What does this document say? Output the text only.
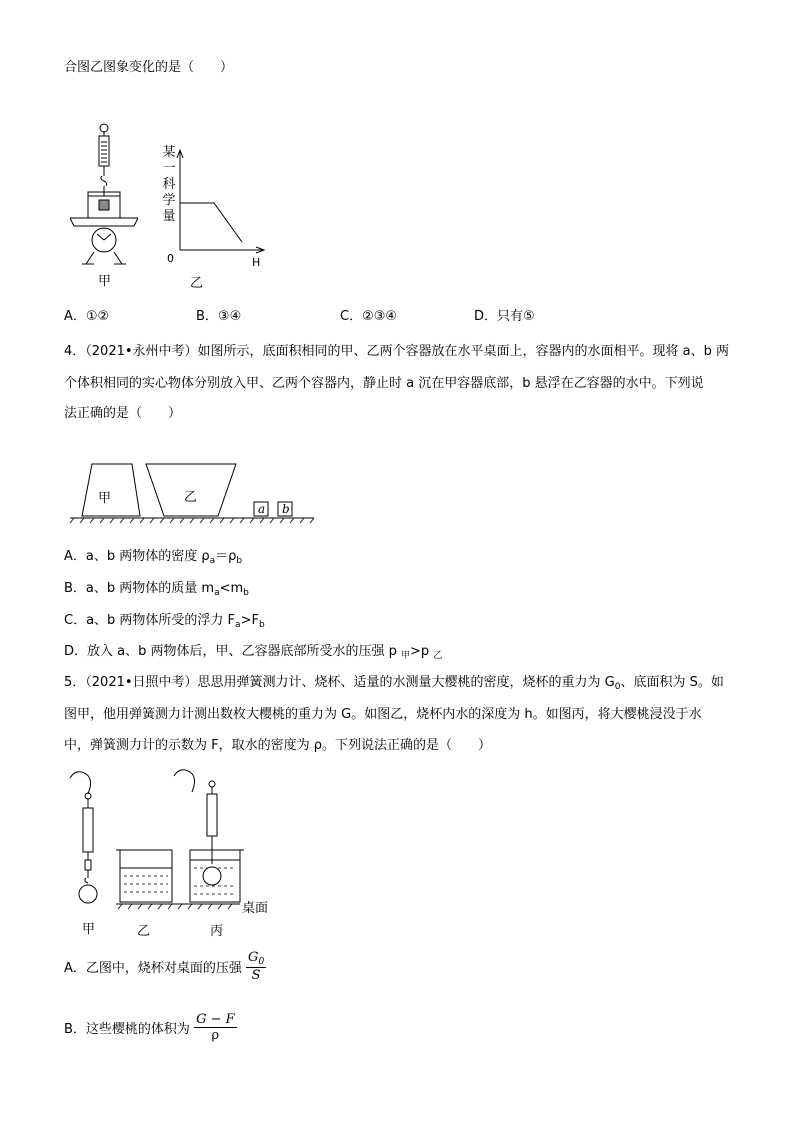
合图乙图象变化的是（　　）
甲
某
一
科
学
量
0	H
乙
A．①②	B．③④	C．②③④	D．只有⑤
4．（2021•永州中考）如图所示，底面积相同的甲、乙两个容器放在水平桌面上，容器内的水面相平。现将 a、b 两
个体积相同的实心物体分别放入甲、乙两个容器内，静止时 a 沉在甲容器底部，b 悬浮在乙容器的水中。下列说
法正确的是（　　）
甲	乙
a b
A．a、b 两物体的密度 $\rho_a=\rho_b$
B．a、b 两物体的质量 $m_a<m_b$
C．a、b 两物体所受的浮力 $F_a>F_b$
D．放入 a、b 两物体后，甲、乙容器底部所受水的压强 p $_甲$>p $_乙$
5．（2021•日照中考）思思用弹簧测力计、烧杯、适量的水测量大樱桃的密度，烧杯的重力为 $G_0$、底面积为 S。如
图甲，他用弹簧测力计测出数枚大樱桃的重力为 G。如图乙，烧杯内水的深度为 h。如图丙，将大樱桃浸没于水
中，弹簧测力计的示数为 F，取水的密度为 ρ。下列说法正确的是（　　）
桌面
甲	乙	丙
A．乙图中，烧杯对桌面的压强 $\frac{G_0}{S}$
B．这些樱桃的体积为 $\frac{G - F}{\rho}$
